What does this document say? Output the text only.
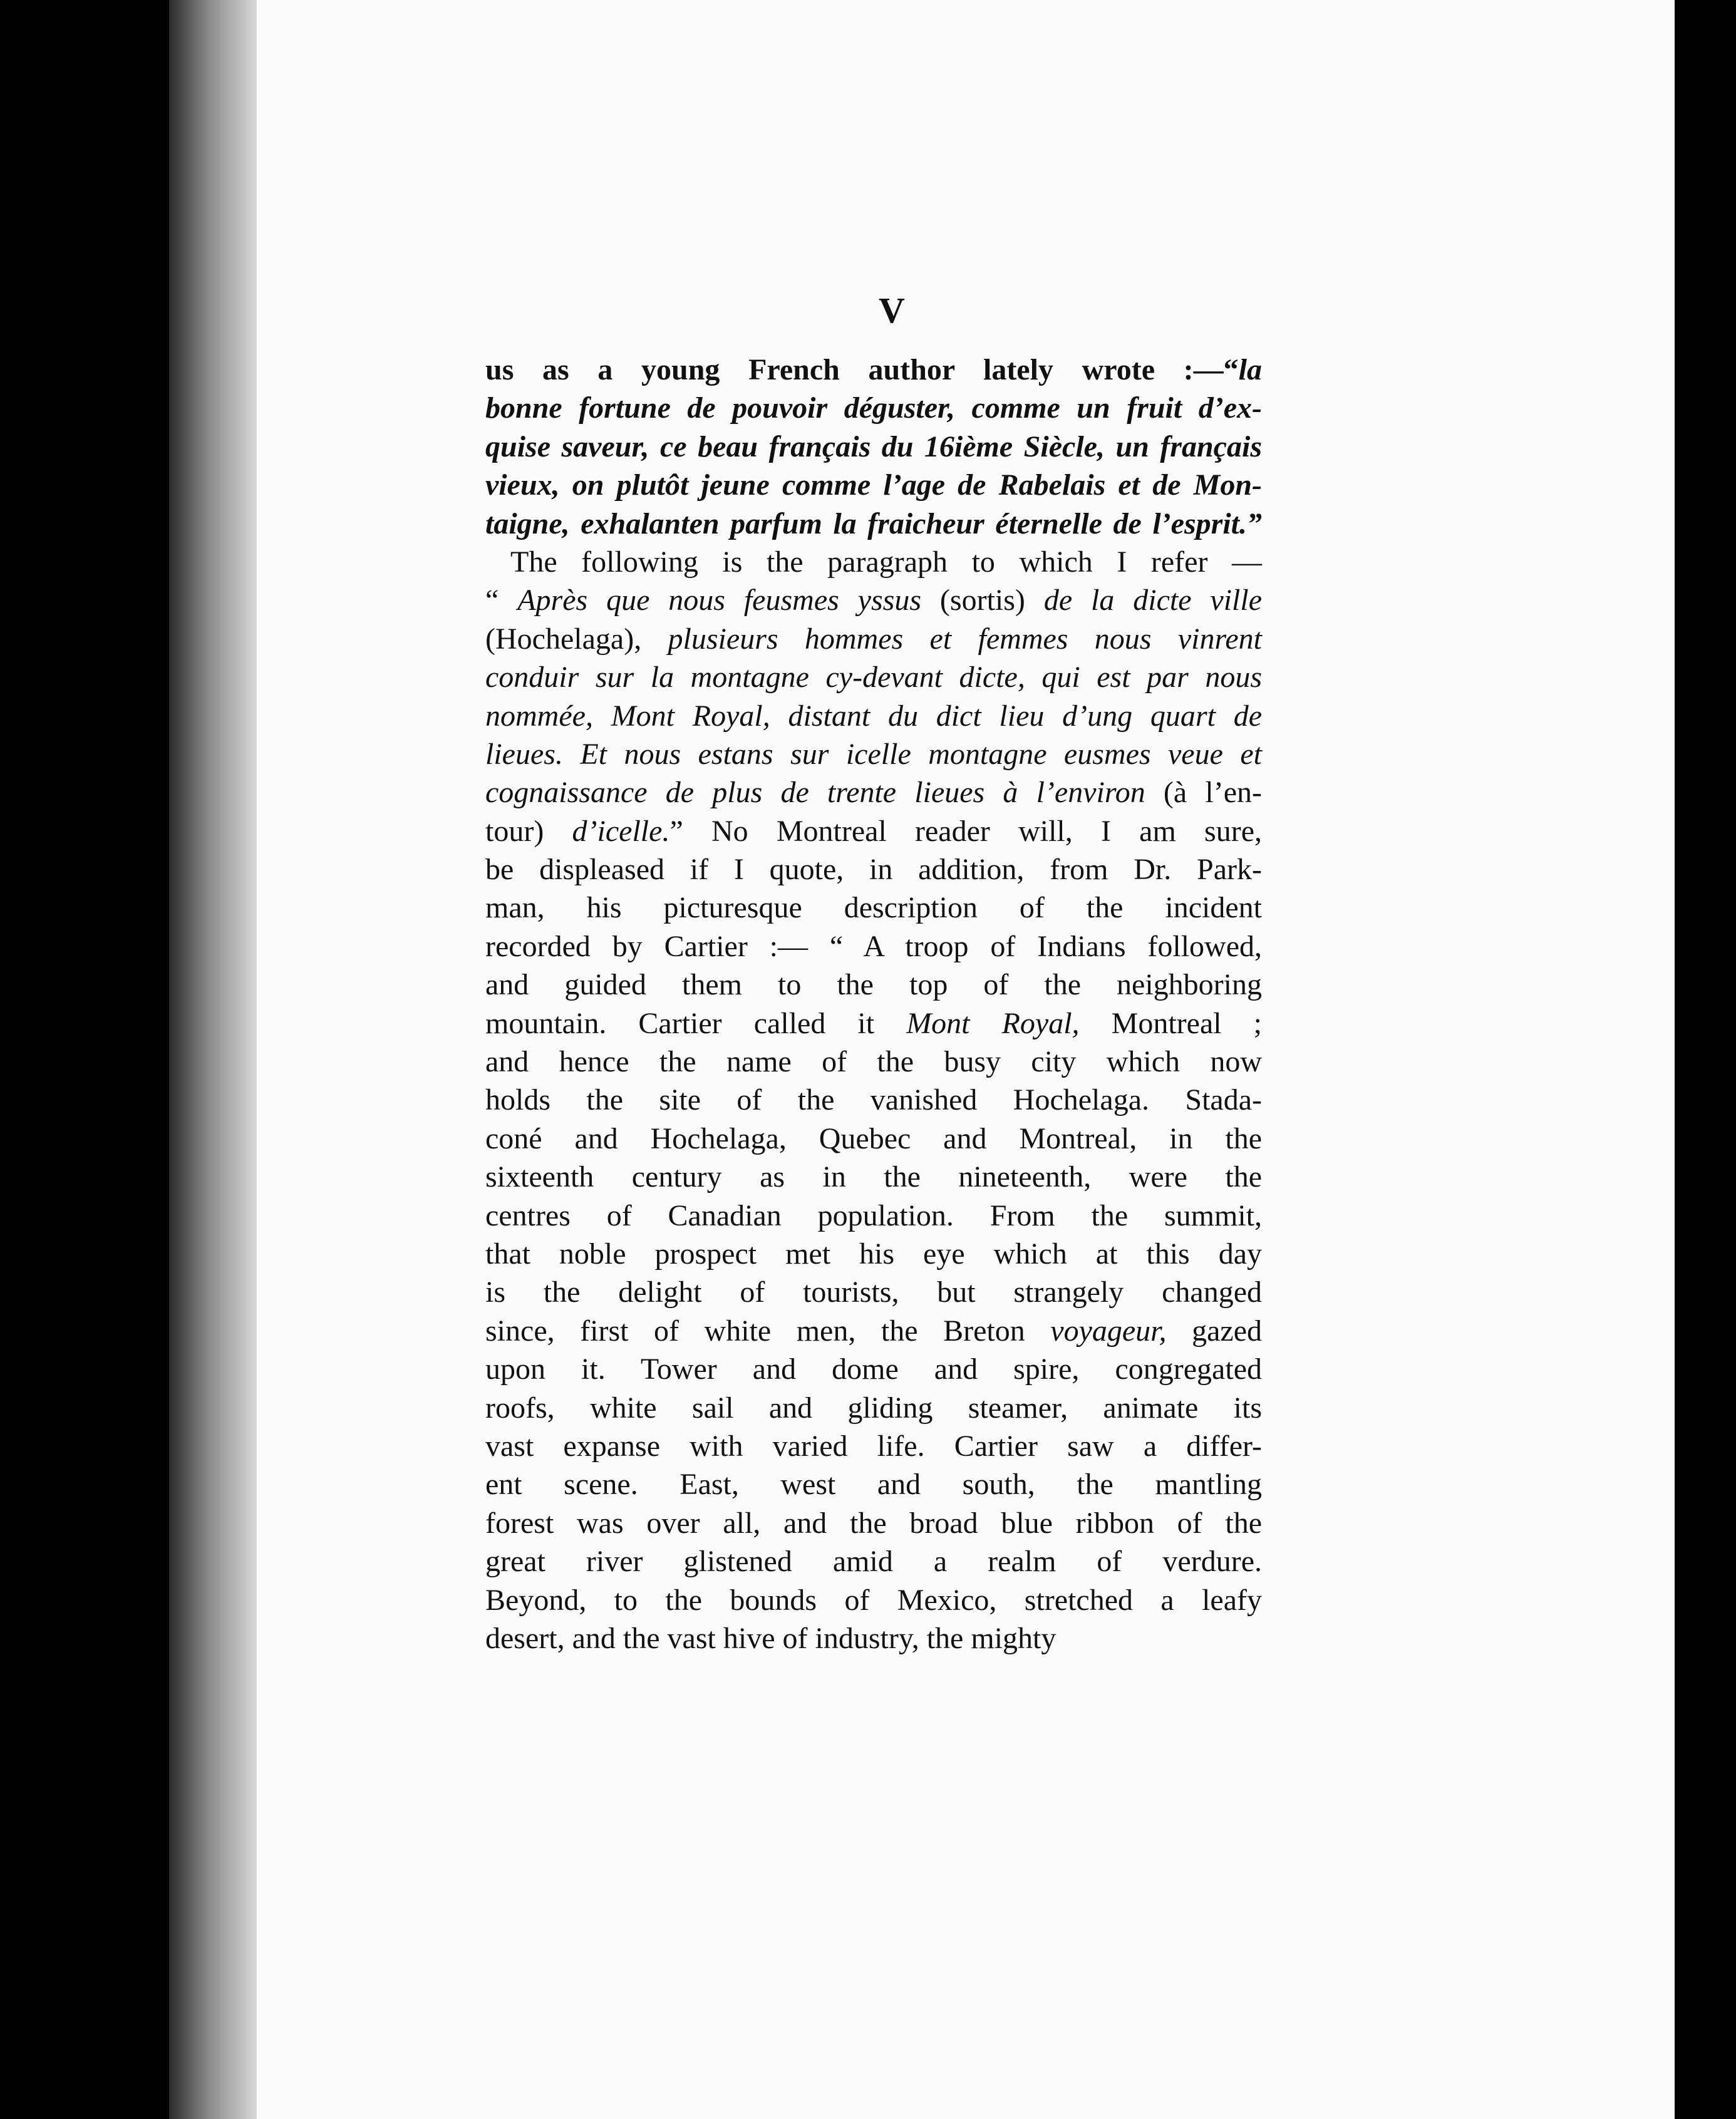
V

us as a young French author lately wrote :—“la
bonne fortune de pouvoir déguster, comme un fruit d’ex-
quise saveur, ce beau français du 16ième Siècle, un français
vieux, on plutôt jeune comme l’age de Rabelais et de Mon-
taigne, exhalanten parfum la fraicheur éternelle de l’esprit.”
The following is the paragraph to which I refer —
“ Après que nous feusmes yssus (sortis) de la dicte ville
(Hochelaga), plusieurs hommes et femmes nous vinrent
conduir sur la montagne cy-devant dicte, qui est par nous
nommée, Mont Royal, distant du dict lieu d’ung quart de
lieues. Et nous estans sur icelle montagne eusmes veue et
cognaissance de plus de trente lieues à l’environ (à l’en-
tour) d’icelle.” No Montreal reader will, I am sure,
be displeased if I quote, in addition, from Dr. Park-
man, his picturesque description of the incident
recorded by Cartier :— “ A troop of Indians followed,
and guided them to the top of the neighboring
mountain. Cartier called it Mont Royal, Montreal ;
and hence the name of the busy city which now
holds the site of the vanished Hochelaga. Stada-
coné and Hochelaga, Quebec and Montreal, in the
sixteenth century as in the nineteenth, were the
centres of Canadian population. From the summit,
that noble prospect met his eye which at this day
is the delight of tourists, but strangely changed
since, first of white men, the Breton voyageur, gazed
upon it. Tower and dome and spire, congregated
roofs, white sail and gliding steamer, animate its
vast expanse with varied life. Cartier saw a differ-
ent scene. East, west and south, the mantling
forest was over all, and the broad blue ribbon of the
great river glistened amid a realm of verdure.
Beyond, to the bounds of Mexico, stretched a leafy
desert, and the vast hive of industry, the mighty
